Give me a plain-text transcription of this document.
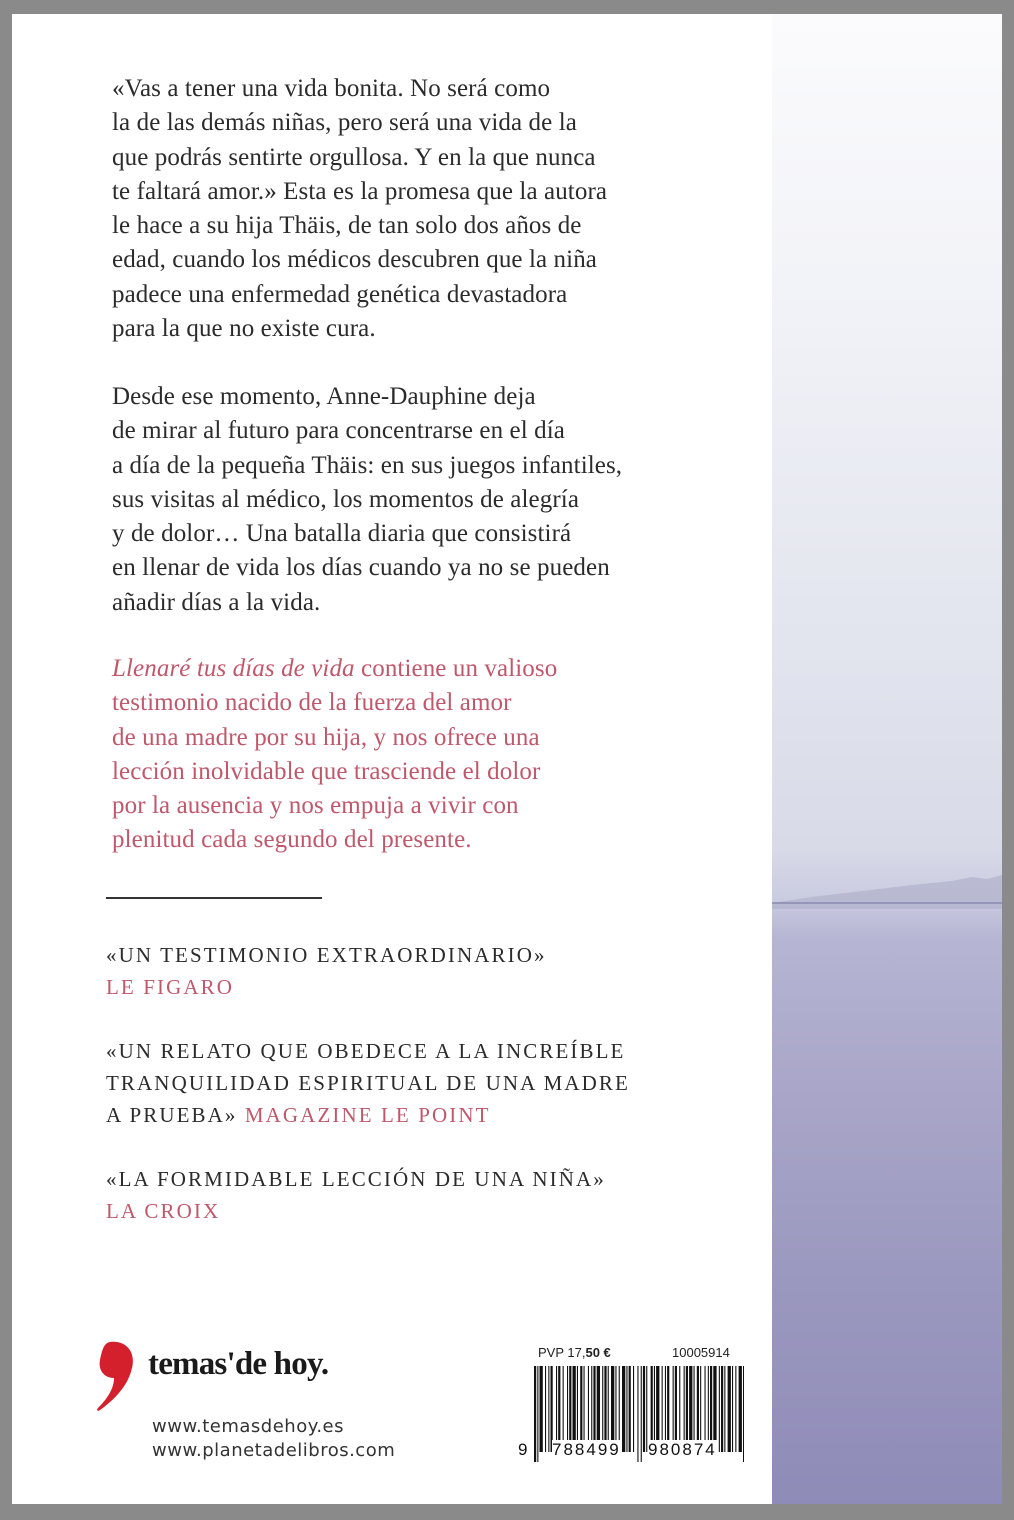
«Vas a tener una vida bonita. No será como
la de las demás niñas, pero será una vida de la
que podrás sentirte orgullosa. Y en la que nunca
te faltará amor.» Esta es la promesa que la autora
le hace a su hija Thäis, de tan solo dos años de
edad, cuando los médicos descubren que la niña
padece una enfermedad genética devastadora
para la que no existe cura.

Desde ese momento, Anne-Dauphine deja
de mirar al futuro para concentrarse en el día
a día de la pequeña Thäis: en sus juegos infantiles,
sus visitas al médico, los momentos de alegría
y de dolor… Una batalla diaria que consistirá
en llenar de vida los días cuando ya no se pueden
añadir días a la vida.

Llenaré tus días de vida contiene un valioso
testimonio nacido de la fuerza del amor
de una madre por su hija, y nos ofrece una
lección inolvidable que trasciende el dolor
por la ausencia y nos empuja a vivir con
plenitud cada segundo del presente.

«UN TESTIMONIO EXTRAORDINARIO»
LE FIGARO
«UN RELATO QUE OBEDECE A LA INCREÍBLE
TRANQUILIDAD ESPIRITUAL DE UNA MADRE
A PRUEBA» MAGAZINE LE POINT
«LA FORMIDABLE LECCIÓN DE UNA NIÑA»
LA CROIX
temas'de hoy.
www.temasdehoy.es
www.planetadelibros.com
PVP 17,50 €	10005914
9 788499 980874
